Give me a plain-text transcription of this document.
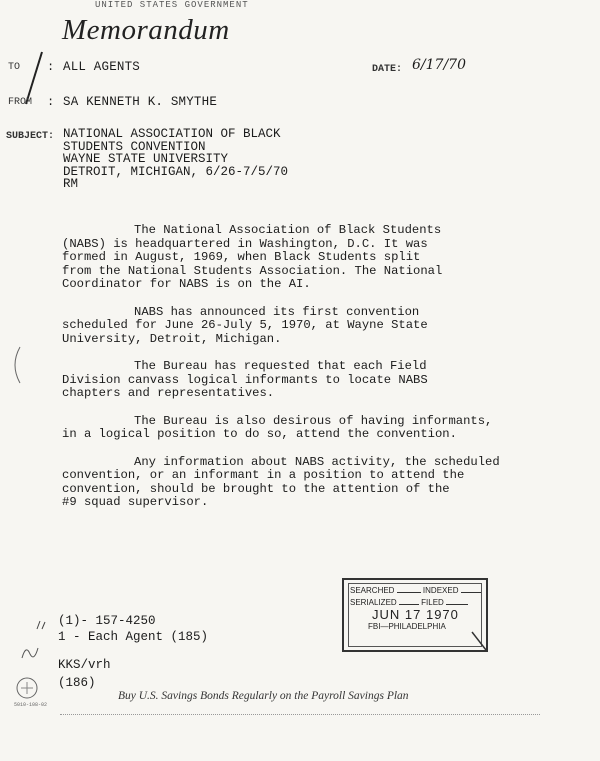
UNITED STATES GOVERNMENT
Memorandum
TO : ALL AGENTS	DATE: 6/17/70
FROM : SA KENNETH K. SMYTHE
SUBJECT: NATIONAL ASSOCIATION OF BLACK
STUDENTS CONVENTION
WAYNE STATE UNIVERSITY
DETROIT, MICHIGAN, 6/26-7/5/70
RM

The National Association of Black Students
(NABS) is headquartered in Washington, D.C. It was
formed in August, 1969, when Black Students split
from the National Students Association. The National
Coordinator for NABS is on the AI.

NABS has announced its first convention
scheduled for June 26-July 5, 1970, at Wayne State
University, Detroit, Michigan.

The Bureau has requested that each Field
Division canvass logical informants to locate NABS
chapters and representatives.

The Bureau is also desirous of having informants,
in a logical position to do so, attend the convention.

Any information about NABS activity, the scheduled
convention, or an informant in a position to attend the
convention, should be brought to the attention of the
#9 squad supervisor.

SEARCHED	INDEXED
SERIALIZED	FILED
JUN 17 1970
FBI—PHILADELPHIA
(1)- 157-4250
1 - Each Agent (185)
KKS/vrh
(186)
5010-108-02
Buy U.S. Savings Bonds Regularly on the Payroll Savings Plan
